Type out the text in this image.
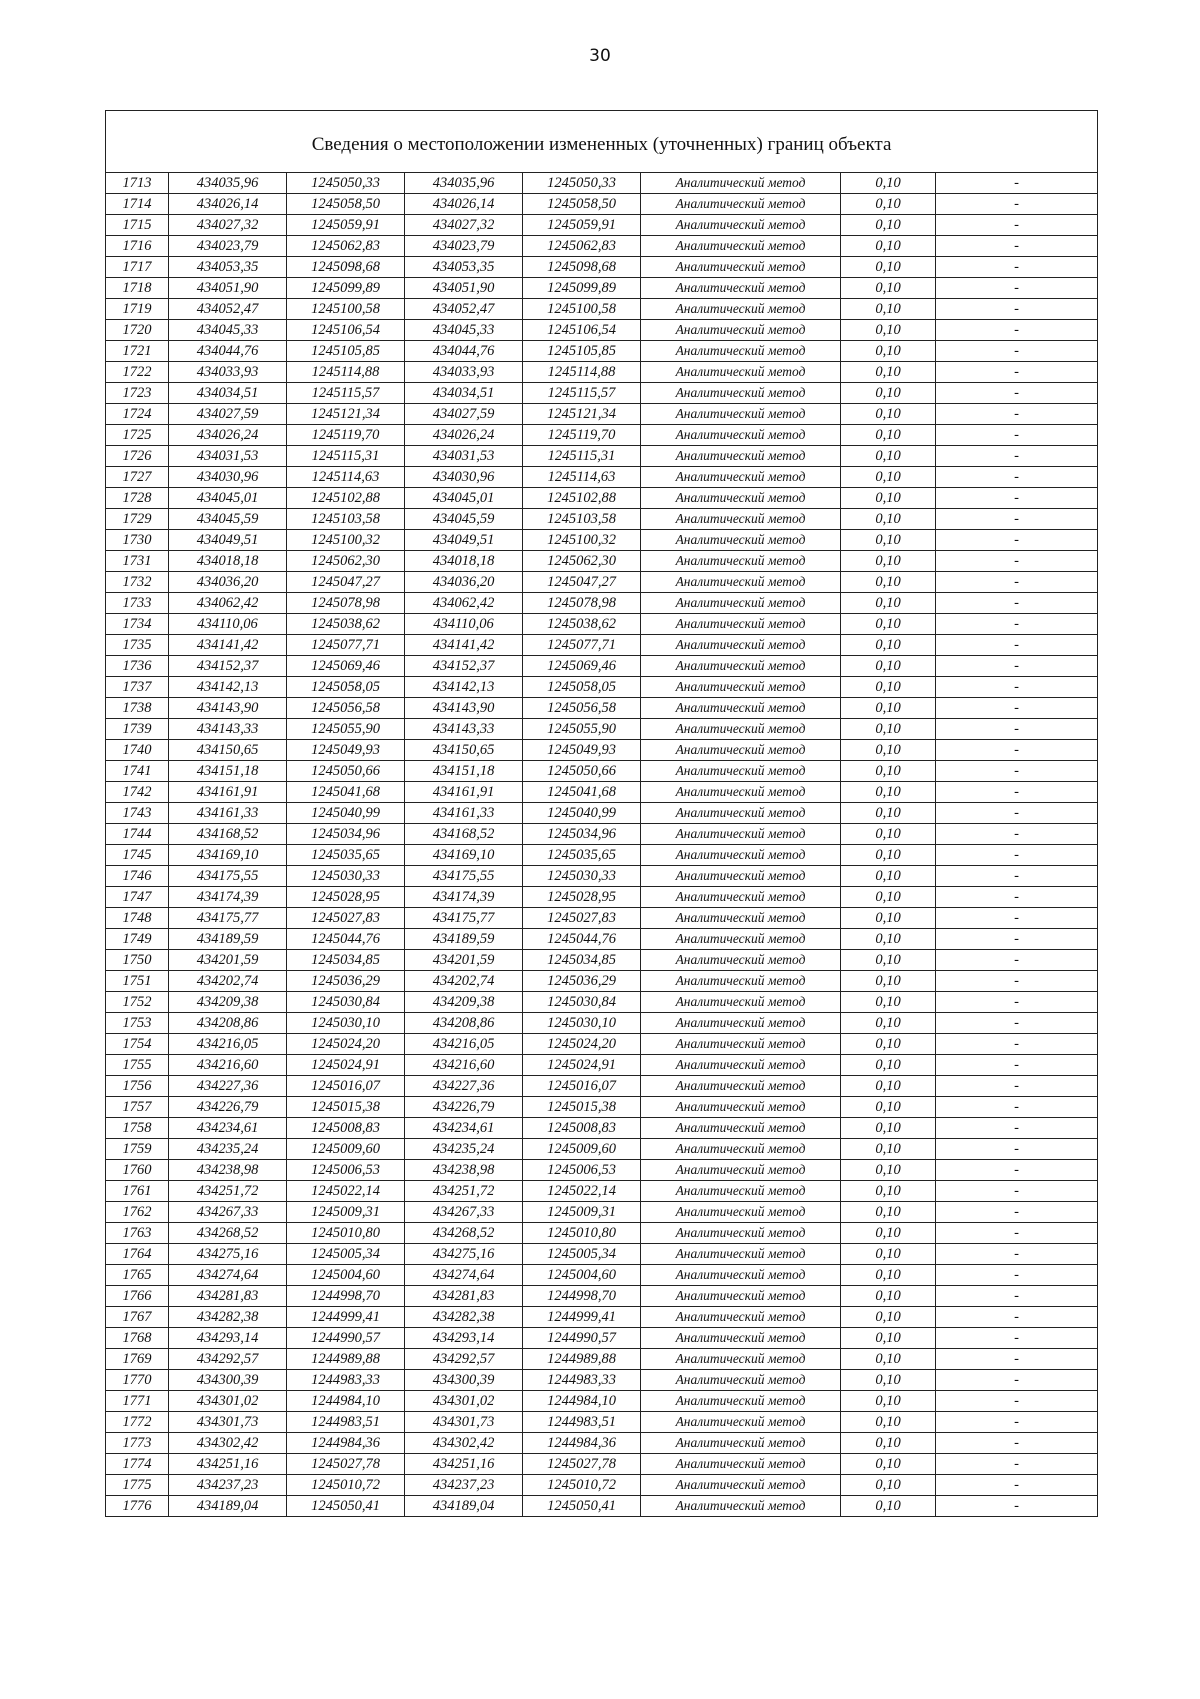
30
Сведения о местоположении измененных (уточненных) границ объекта							
1713	434035,96	1245050,33	434035,96	1245050,33	Аналитический метод	0,10	-
1714	434026,14	1245058,50	434026,14	1245058,50	Аналитический метод	0,10	-
1715	434027,32	1245059,91	434027,32	1245059,91	Аналитический метод	0,10	-
1716	434023,79	1245062,83	434023,79	1245062,83	Аналитический метод	0,10	-
1717	434053,35	1245098,68	434053,35	1245098,68	Аналитический метод	0,10	-
1718	434051,90	1245099,89	434051,90	1245099,89	Аналитический метод	0,10	-
1719	434052,47	1245100,58	434052,47	1245100,58	Аналитический метод	0,10	-
1720	434045,33	1245106,54	434045,33	1245106,54	Аналитический метод	0,10	-
1721	434044,76	1245105,85	434044,76	1245105,85	Аналитический метод	0,10	-
1722	434033,93	1245114,88	434033,93	1245114,88	Аналитический метод	0,10	-
1723	434034,51	1245115,57	434034,51	1245115,57	Аналитический метод	0,10	-
1724	434027,59	1245121,34	434027,59	1245121,34	Аналитический метод	0,10	-
1725	434026,24	1245119,70	434026,24	1245119,70	Аналитический метод	0,10	-
1726	434031,53	1245115,31	434031,53	1245115,31	Аналитический метод	0,10	-
1727	434030,96	1245114,63	434030,96	1245114,63	Аналитический метод	0,10	-
1728	434045,01	1245102,88	434045,01	1245102,88	Аналитический метод	0,10	-
1729	434045,59	1245103,58	434045,59	1245103,58	Аналитический метод	0,10	-
1730	434049,51	1245100,32	434049,51	1245100,32	Аналитический метод	0,10	-
1731	434018,18	1245062,30	434018,18	1245062,30	Аналитический метод	0,10	-
1732	434036,20	1245047,27	434036,20	1245047,27	Аналитический метод	0,10	-
1733	434062,42	1245078,98	434062,42	1245078,98	Аналитический метод	0,10	-
1734	434110,06	1245038,62	434110,06	1245038,62	Аналитический метод	0,10	-
1735	434141,42	1245077,71	434141,42	1245077,71	Аналитический метод	0,10	-
1736	434152,37	1245069,46	434152,37	1245069,46	Аналитический метод	0,10	-
1737	434142,13	1245058,05	434142,13	1245058,05	Аналитический метод	0,10	-
1738	434143,90	1245056,58	434143,90	1245056,58	Аналитический метод	0,10	-
1739	434143,33	1245055,90	434143,33	1245055,90	Аналитический метод	0,10	-
1740	434150,65	1245049,93	434150,65	1245049,93	Аналитический метод	0,10	-
1741	434151,18	1245050,66	434151,18	1245050,66	Аналитический метод	0,10	-
1742	434161,91	1245041,68	434161,91	1245041,68	Аналитический метод	0,10	-
1743	434161,33	1245040,99	434161,33	1245040,99	Аналитический метод	0,10	-
1744	434168,52	1245034,96	434168,52	1245034,96	Аналитический метод	0,10	-
1745	434169,10	1245035,65	434169,10	1245035,65	Аналитический метод	0,10	-
1746	434175,55	1245030,33	434175,55	1245030,33	Аналитический метод	0,10	-
1747	434174,39	1245028,95	434174,39	1245028,95	Аналитический метод	0,10	-
1748	434175,77	1245027,83	434175,77	1245027,83	Аналитический метод	0,10	-
1749	434189,59	1245044,76	434189,59	1245044,76	Аналитический метод	0,10	-
1750	434201,59	1245034,85	434201,59	1245034,85	Аналитический метод	0,10	-
1751	434202,74	1245036,29	434202,74	1245036,29	Аналитический метод	0,10	-
1752	434209,38	1245030,84	434209,38	1245030,84	Аналитический метод	0,10	-
1753	434208,86	1245030,10	434208,86	1245030,10	Аналитический метод	0,10	-
1754	434216,05	1245024,20	434216,05	1245024,20	Аналитический метод	0,10	-
1755	434216,60	1245024,91	434216,60	1245024,91	Аналитический метод	0,10	-
1756	434227,36	1245016,07	434227,36	1245016,07	Аналитический метод	0,10	-
1757	434226,79	1245015,38	434226,79	1245015,38	Аналитический метод	0,10	-
1758	434234,61	1245008,83	434234,61	1245008,83	Аналитический метод	0,10	-
1759	434235,24	1245009,60	434235,24	1245009,60	Аналитический метод	0,10	-
1760	434238,98	1245006,53	434238,98	1245006,53	Аналитический метод	0,10	-
1761	434251,72	1245022,14	434251,72	1245022,14	Аналитический метод	0,10	-
1762	434267,33	1245009,31	434267,33	1245009,31	Аналитический метод	0,10	-
1763	434268,52	1245010,80	434268,52	1245010,80	Аналитический метод	0,10	-
1764	434275,16	1245005,34	434275,16	1245005,34	Аналитический метод	0,10	-
1765	434274,64	1245004,60	434274,64	1245004,60	Аналитический метод	0,10	-
1766	434281,83	1244998,70	434281,83	1244998,70	Аналитический метод	0,10	-
1767	434282,38	1244999,41	434282,38	1244999,41	Аналитический метод	0,10	-
1768	434293,14	1244990,57	434293,14	1244990,57	Аналитический метод	0,10	-
1769	434292,57	1244989,88	434292,57	1244989,88	Аналитический метод	0,10	-
1770	434300,39	1244983,33	434300,39	1244983,33	Аналитический метод	0,10	-
1771	434301,02	1244984,10	434301,02	1244984,10	Аналитический метод	0,10	-
1772	434301,73	1244983,51	434301,73	1244983,51	Аналитический метод	0,10	-
1773	434302,42	1244984,36	434302,42	1244984,36	Аналитический метод	0,10	-
1774	434251,16	1245027,78	434251,16	1245027,78	Аналитический метод	0,10	-
1775	434237,23	1245010,72	434237,23	1245010,72	Аналитический метод	0,10	-
1776	434189,04	1245050,41	434189,04	1245050,41	Аналитический метод	0,10	-
